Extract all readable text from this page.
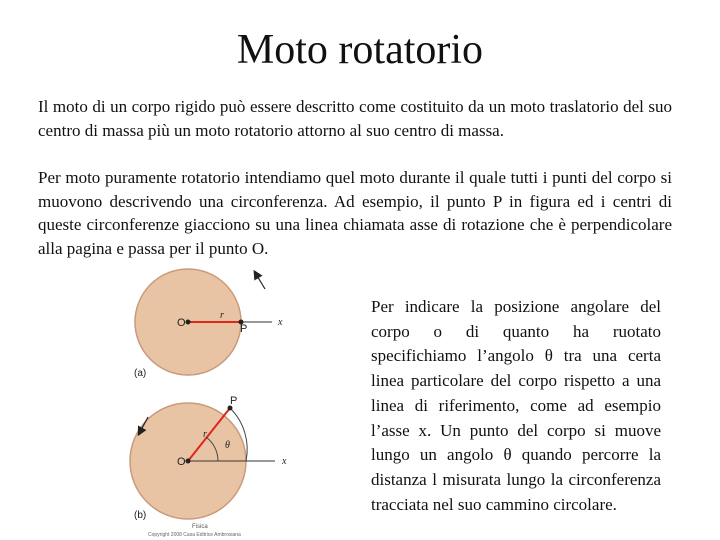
Moto rotatorio

Il moto di un corpo rigido può essere descritto come costituito da un moto traslatorio del suo centro di massa più un moto rotatorio attorno al suo centro di massa.

Per moto puramente rotatorio intendiamo quel moto durante il quale tutti i punti del corpo si muovono descrivendo una circonferenza. Ad esempio, il punto P in figura ed i centri di queste circonferenze giacciono su una linea chiamata asse di rotazione che è perpendicolare alla pagina e passa per il punto O.

O
r
P
x
(a)
O
r
P
θ
x
(b)
Fisica
Copyright 2008 Casa Editrice Ambrosiana

Per indicare la posizione angolare del corpo o di quanto ha ruotato specifichiamo l’angolo θ tra una certa linea particolare del corpo rispetto a una linea di riferimento, come ad esempio l’asse x. Un punto del corpo si muove lungo un angolo θ quando percorre la distanza l misurata lungo la circonferenza tracciata nel suo cammino circolare.
